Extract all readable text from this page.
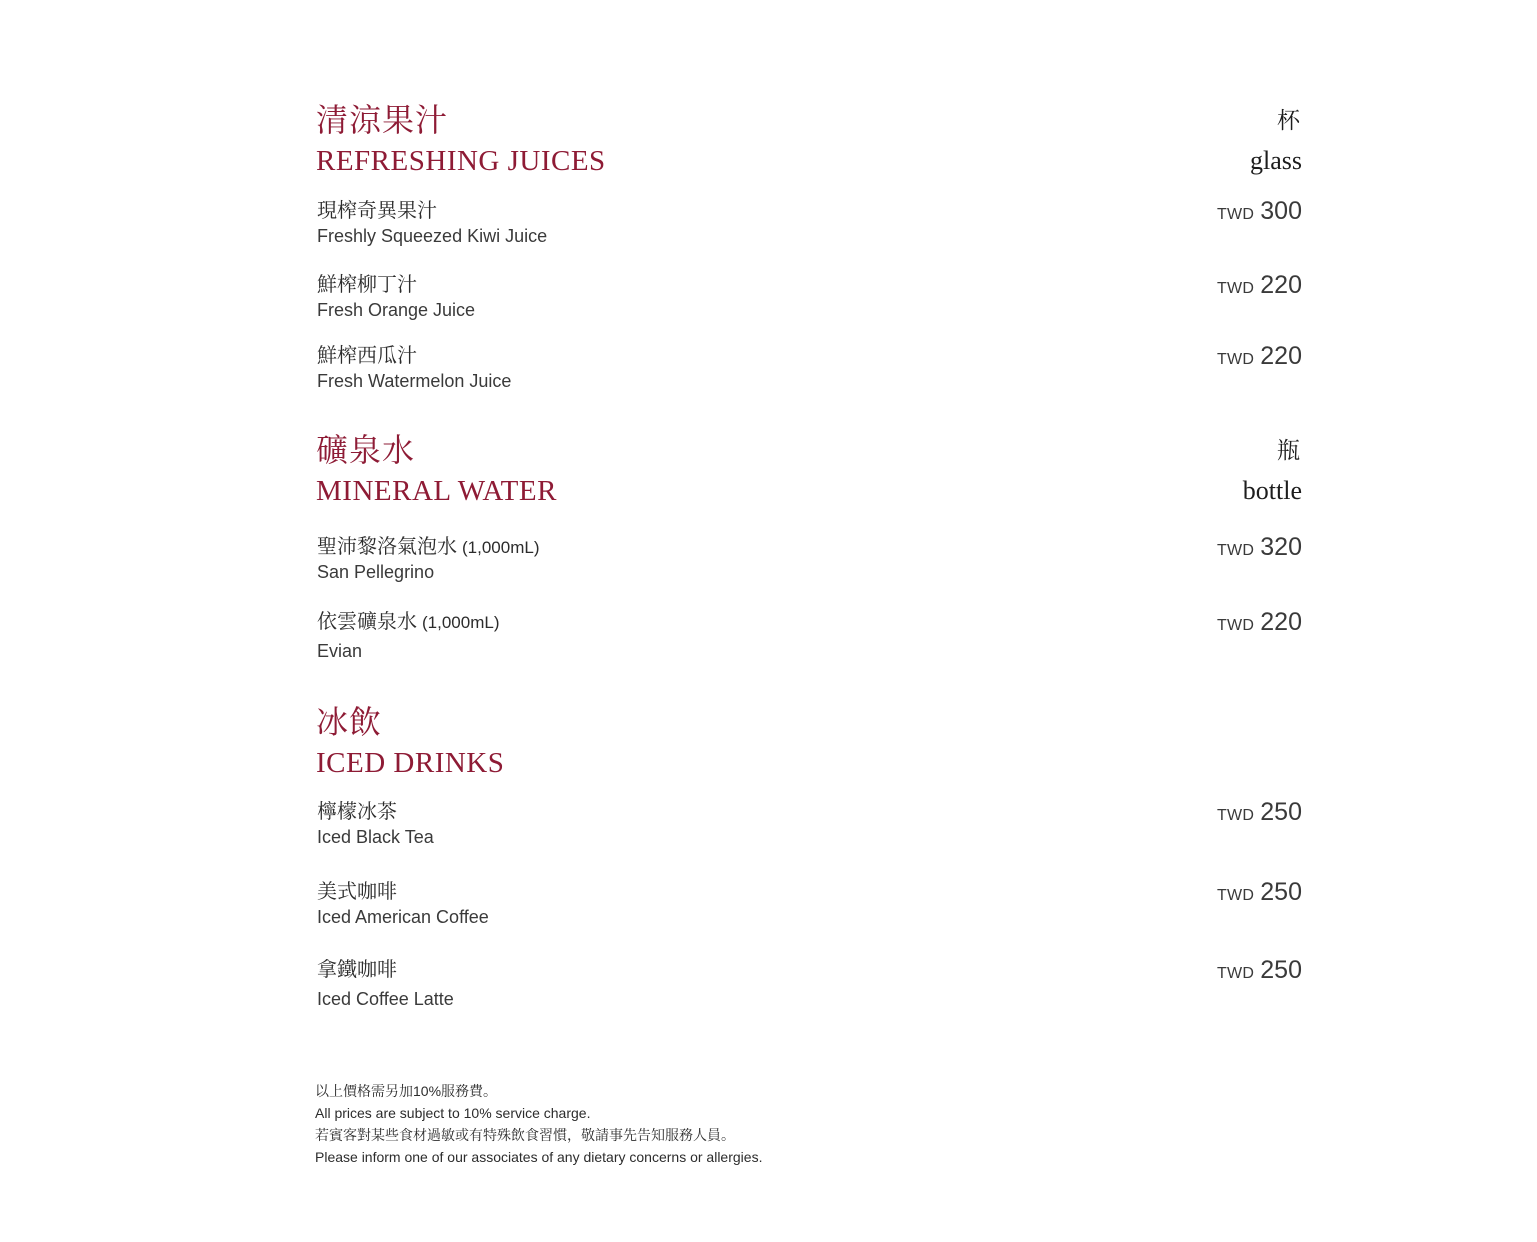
清涼果汁
REFRESHING JUICES
杯
glass
現榨奇異果汁
Freshly Squeezed Kiwi Juice
TWD 300
鮮榨柳丁汁
Fresh Orange Juice
TWD 220
鮮榨西瓜汁
Fresh Watermelon Juice
TWD 220
礦泉水
MINERAL WATER
瓶
bottle
聖沛黎洛氣泡水 (1,000mL)
San Pellegrino
TWD 320
依雲礦泉水 (1,000mL)
Evian
TWD 220
冰飲
ICED DRINKS
檸檬冰茶
Iced Black Tea
TWD 250
美式咖啡
Iced American Coffee
TWD 250
拿鐵咖啡
Iced Coffee Latte
TWD 250
以上價格需另加10%服務費。
All prices are subject to 10% service charge.
若賓客對某些食材過敏或有特殊飲食習慣，敬請事先告知服務人員。
Please inform one of our associates of any dietary concerns or allergies.
